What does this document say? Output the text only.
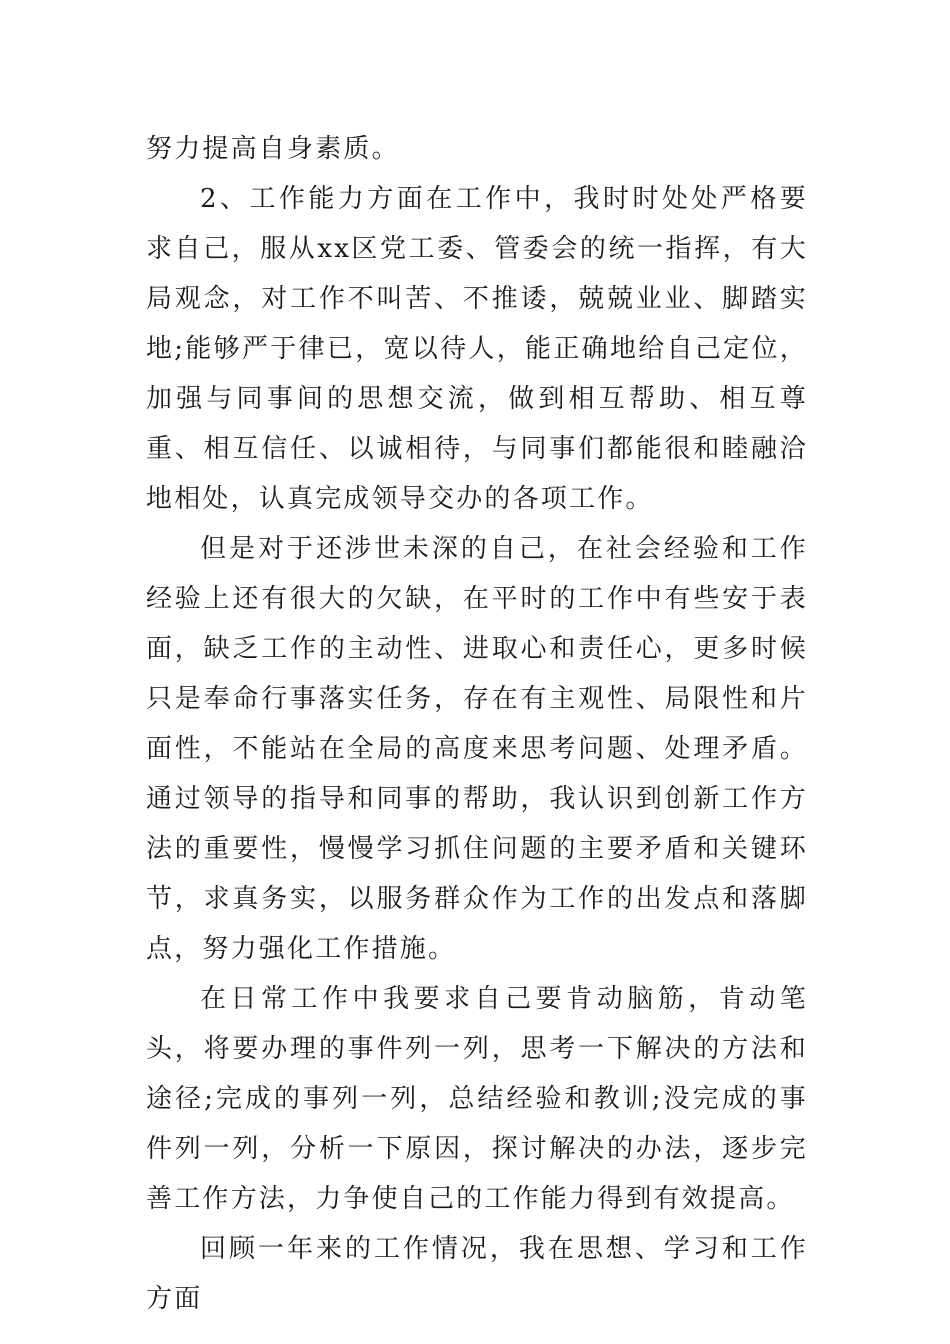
努力提高自身素质。

2、工作能力方面在工作中，我时时处处严格要求自己，服从xx区党工委、管委会的统一指挥，有大局观念，对工作不叫苦、不推诿，兢兢业业、脚踏实地;能够严于律已，宽以待人，能正确地给自己定位，加强与同事间的思想交流，做到相互帮助、相互尊重、相互信任、以诚相待，与同事们都能很和睦融洽地相处，认真完成领导交办的各项工作。

但是对于还涉世未深的自己，在社会经验和工作经验上还有很大的欠缺，在平时的工作中有些安于表面，缺乏工作的主动性、进取心和责任心，更多时候只是奉命行事落实任务，存在有主观性、局限性和片面性，不能站在全局的高度来思考问题、处理矛盾。通过领导的指导和同事的帮助，我认识到创新工作方法的重要性，慢慢学习抓住问题的主要矛盾和关键环节，求真务实，以服务群众作为工作的出发点和落脚点，努力强化工作措施。

在日常工作中我要求自己要肯动脑筋，肯动笔头，将要办理的事件列一列，思考一下解决的方法和途径;完成的事列一列，总结经验和教训;没完成的事件列一列，分析一下原因，探讨解决的办法，逐步完善工作方法，力争使自己的工作能力得到有效提高。

回顾一年来的工作情况，我在思想、学习和工作方面
